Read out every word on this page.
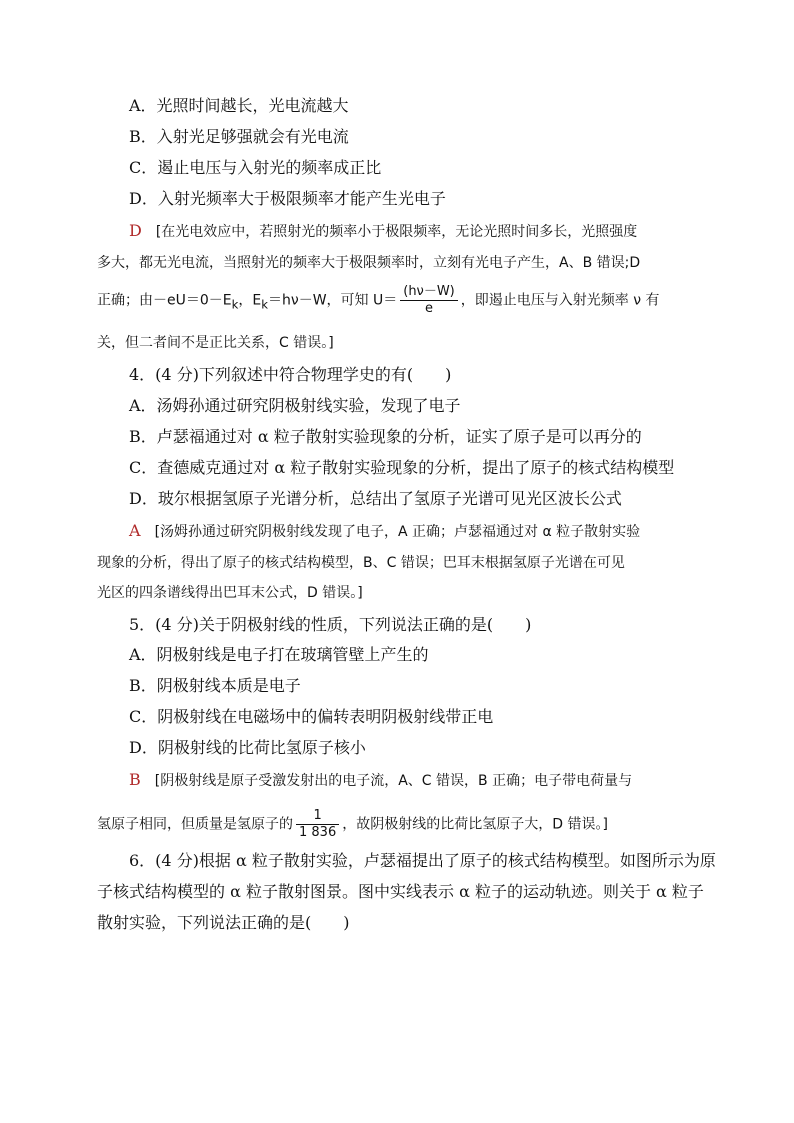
A．光照时间越长，光电流越大
B．入射光足够强就会有光电流
C．遏止电压与入射光的频率成正比
D．入射光频率大于极限频率才能产生光电子
D [在光电效应中，若照射光的频率小于极限频率，无论光照时间多长，光照强度
多大，都无光电流，当照射光的频率大于极限频率时，立刻有光电子产生，A、B 错误;D
正确；由$-eU=0-E_k$，$E_k=h\nu-W$，可知 $U= \frac{(h\nu-W)}{e}$ ，即遏止电压与入射光频率 ν 有
关，但二者间不是正比关系，C 错误。]
4．(4 分)下列叙述中符合物理学史的有(　　)
A．汤姆孙通过研究阴极射线实验，发现了电子
B．卢瑟福通过对 α 粒子散射实验现象的分析，证实了原子是可以再分的
C．查德威克通过对 α 粒子散射实验现象的分析，提出了原子的核式结构模型
D．玻尔根据氢原子光谱分析，总结出了氢原子光谱可见光区波长公式
A [汤姆孙通过研究阴极射线发现了电子，A 正确；卢瑟福通过对 α 粒子散射实验
现象的分析，得出了原子的核式结构模型，B、C 错误；巴耳末根据氢原子光谱在可见
光区的四条谱线得出巴耳末公式，D 错误。]
5．(4 分)关于阴极射线的性质，下列说法正确的是(　　)
A．阴极射线是电子打在玻璃管壁上产生的
B．阴极射线本质是电子
C．阴极射线在电磁场中的偏转表明阴极射线带正电
D．阴极射线的比荷比氢原子核小
B [阴极射线是原子受激发射出的电子流，A、C 错误，B 正确；电子带电荷量与
氢原子相同，但质量是氢原子的 $\frac{1}{1 836}$ ，故阴极射线的比荷比氢原子大，D 错误。]
6．(4 分)根据 α 粒子散射实验，卢瑟福提出了原子的核式结构模型。如图所示为原
子核式结构模型的 α 粒子散射图景。图中实线表示 α 粒子的运动轨迹。则关于 α 粒子
散射实验，下列说法正确的是(　　)
